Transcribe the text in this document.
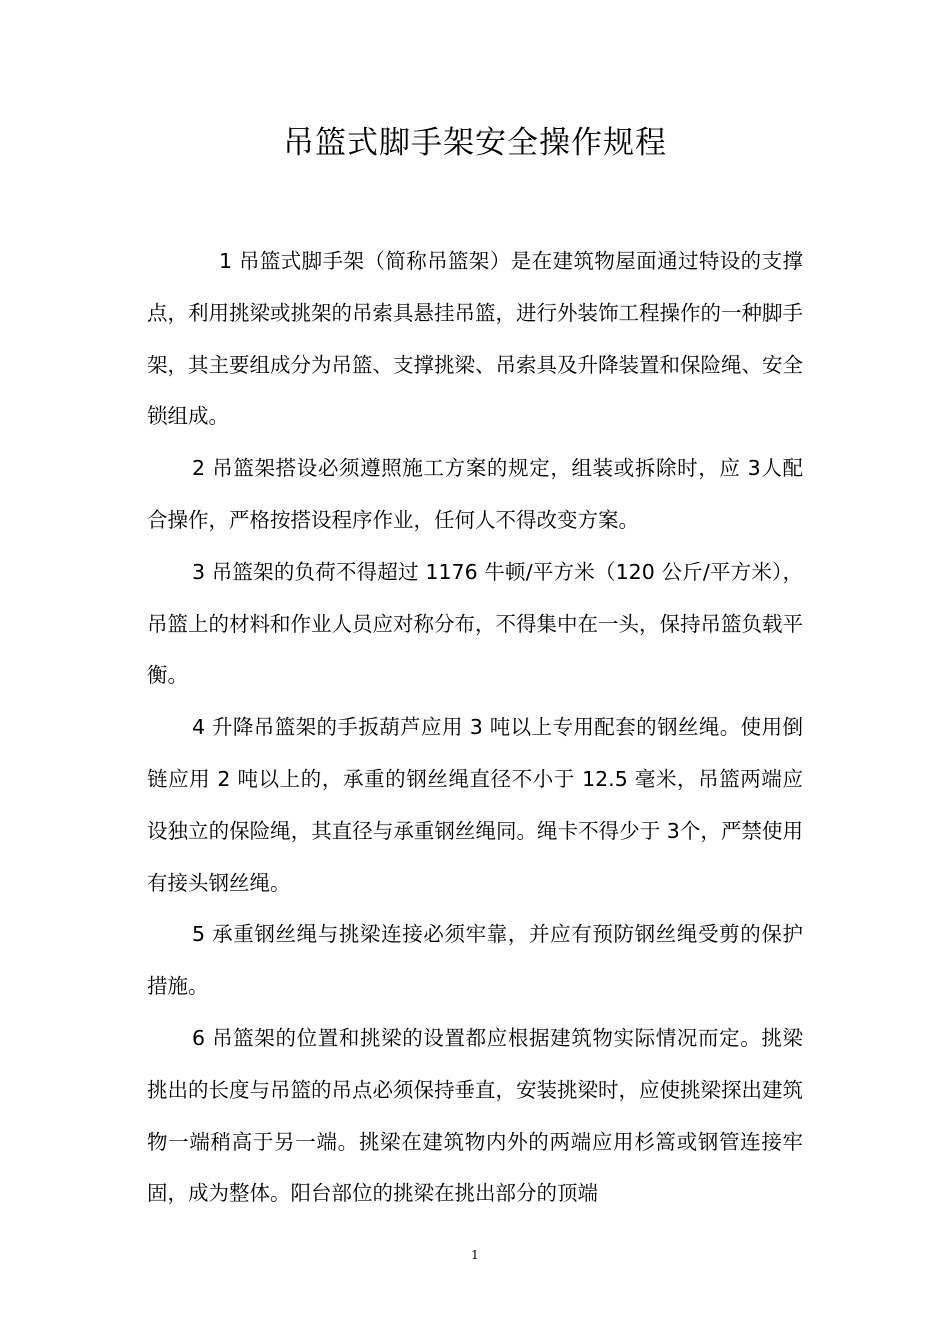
吊篮式脚手架安全操作规程

1 吊篮式脚手架（简称吊篮架）是在建筑物屋面通过特设的支撑点，利用挑梁或挑架的吊索具悬挂吊篮，进行外装饰工程操作的一种脚手架，其主要组成分为吊篮、支撑挑梁、吊索具及升降装置和保险绳、安全锁组成。

2 吊篮架搭设必须遵照施工方案的规定，组装或拆除时，应 3人配合操作，严格按搭设程序作业，任何人不得改变方案。

3 吊篮架的负荷不得超过 1176 牛顿/平方米（120 公斤/平方米），吊篮上的材料和作业人员应对称分布，不得集中在一头，保持吊篮负载平衡。

4 升降吊篮架的手扳葫芦应用 3 吨以上专用配套的钢丝绳。使用倒链应用 2 吨以上的，承重的钢丝绳直径不小于 12.5 毫米，吊篮两端应设独立的保险绳，其直径与承重钢丝绳同。绳卡不得少于 3个，严禁使用有接头钢丝绳。

5 承重钢丝绳与挑梁连接必须牢靠，并应有预防钢丝绳受剪的保护措施。

6 吊篮架的位置和挑梁的设置都应根据建筑物实际情况而定。挑梁挑出的长度与吊篮的吊点必须保持垂直，安装挑梁时，应使挑梁探出建筑物一端稍高于另一端。挑梁在建筑物内外的两端应用杉篙或钢管连接牢固，成为整体。阳台部位的挑梁在挑出部分的顶端

1
